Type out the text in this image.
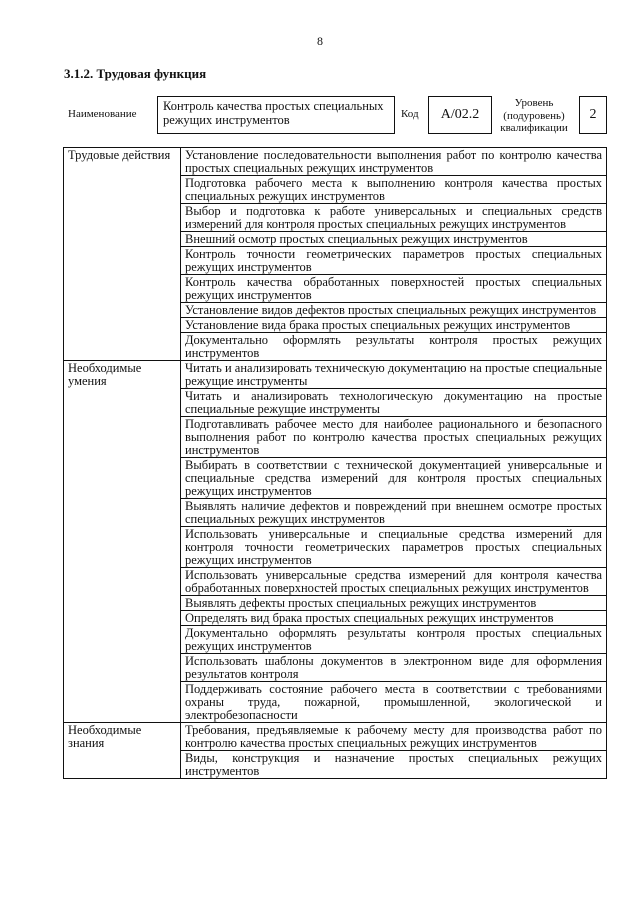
8
3.1.2. Трудовая функция
Наименование
Контроль качества простых специальных режущих инструментов	Код	А/02.2
Уровень (подуровень) квалификации
2
Трудовые действия	Установление последовательности выполнения работ по контролю качества простых специальных режущих инструментов
	Подготовка рабочего места к выполнению контроля качества простых специальных режущих инструментов
	Выбор и подготовка к работе универсальных и специальных средств измерений для контроля простых специальных режущих инструментов
	Внешний осмотр простых специальных режущих инструментов
	Контроль точности геометрических параметров простых специальных режущих инструментов
	Контроль качества обработанных поверхностей простых специальных режущих инструментов
	Установление видов дефектов простых специальных режущих инструментов
	Установление вида брака простых специальных режущих инструментов
	Документально оформлять результаты контроля простых режущих инструментов
Необходимые умения	Читать и анализировать техническую документацию на простые специальные режущие инструменты
	Читать и анализировать технологическую документацию на простые специальные режущие инструменты
	Подготавливать рабочее место для наиболее рационального и безопасного выполнения работ по контролю качества простых специальных режущих инструментов
	Выбирать в соответствии с технической документацией универсальные и специальные средства измерений для контроля простых специальных режущих инструментов
	Выявлять наличие дефектов и повреждений при внешнем осмотре простых специальных режущих инструментов
	Использовать универсальные и специальные средства измерений для контроля точности геометрических параметров простых специальных режущих инструментов
	Использовать универсальные средства измерений для контроля качества обработанных поверхностей простых специальных режущих инструментов
	Выявлять дефекты простых специальных режущих инструментов
	Определять вид брака простых специальных режущих инструментов
	Документально оформлять результаты контроля простых специальных режущих инструментов
	Использовать шаблоны документов в электронном виде для оформления результатов контроля
	Поддерживать состояние рабочего места в соответствии с требованиями охраны труда, пожарной, промышленной, экологической и электробезопасности
Необходимые знания	Требования, предъявляемые к рабочему месту для производства работ по контролю качества простых специальных режущих инструментов
	Виды, конструкция и назначение простых специальных режущих инструментов
